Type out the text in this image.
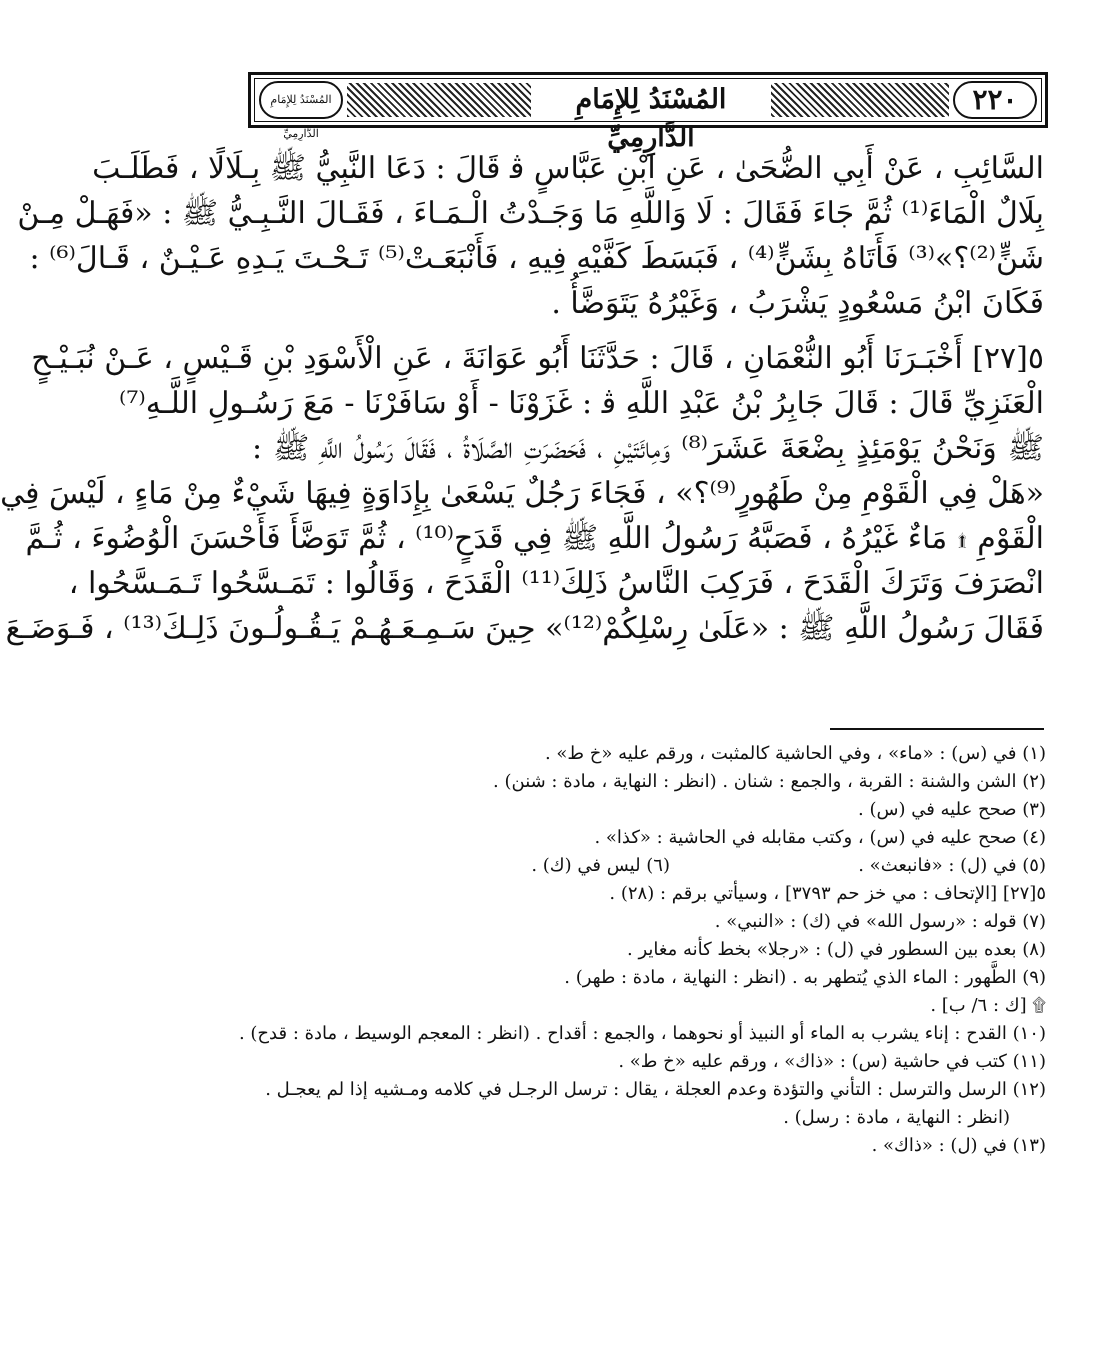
٢٢٠
المُسْنَدُ لِلإِمَامِ الدَّارِمِيِّ
المُسْنَدُ لِلإِمَامِ الدَّارِمِيِّ
السَّائِبِ ، عَنْ أَبِي الضُّحَىٰ ، عَنِ ابْنِ عَبَّاسٍ ﭬ قَالَ : دَعَا النَّبِيُّ ﷺ بِـلَالًا ، فَطَلَـبَ
بِلَالٌ الْمَاءَ⁽¹⁾ ثُمَّ جَاءَ فَقَالَ : لَا وَاللَّهِ مَا وَجَـدْتُ الْـمَـاءَ ، فَقَـالَ النَّـبِـيُّ ﷺ : «فَهَـلْ مِـنْ
شَنٍّ⁽²⁾؟»⁽³⁾ فَأَتَاهُ بِشَنٍّ⁽⁴⁾ ، فَبَسَطَ كَفَّيْهِ فِيهِ ، فَأَنْبَعَـتْ⁽⁵⁾ تَـحْـتَ يَـدِهِ عَـيْـنٌ ، قَـالَ⁽⁶⁾ :
فَكَانَ ابْنُ مَسْعُودٍ يَشْرَبُ ، وَغَيْرُهُ يَتَوَضَّأُ .
٥[٢٧] أَخْبَـرَنَا أَبُو النُّعْمَانِ ، قَالَ : حَدَّثَنَا أَبُو عَوَانَةَ ، عَنِ الْأَسْوَدِ بْنِ قَـيْسٍ ، عَـنْ نُبَـيْـحٍ
الْعَنَزِيِّ قَالَ : قَالَ جَابِرُ بْنُ عَبْدِ اللَّهِ ﭬ : غَزَوْنَا - أَوْ سَافَرْنَا - مَعَ رَسُـولِ اللَّـهِ⁽⁷⁾
ﷺ وَنَحْنُ يَوْمَئِذٍ بِضْعَةَ عَشَرَ⁽⁸⁾ وَمِائَتَيْنِ ، فَحَضَرَتِ الصَّلَاةُ ، فَقَالَ رَسُولُ اللَّهِ ﷺ :
«هَلْ فِي الْقَوْمِ مِنْ طَهُورٍ⁽⁹⁾؟» ، فَجَاءَ رَجُلٌ يَسْعَىٰ بِإِدَاوَةٍ فِيهَا شَيْءٌ مِنْ مَاءٍ ، لَيْسَ فِي
الْقَوْمِ ۩ مَاءٌ غَيْرُهُ ، فَصَبَّهُ رَسُولُ اللَّهِ ﷺ فِي قَدَحٍ⁽¹⁰⁾ ، ثُمَّ تَوَضَّأَ فَأَحْسَنَ الْوُضُوءَ ، ثُـمَّ
انْصَرَفَ وَتَرَكَ الْقَدَحَ ، فَرَكِبَ النَّاسُ ذَلِكَ⁽¹¹⁾ الْقَدَحَ ، وَقَالُوا : تَمَـسَّحُوا تَـمَـسَّحُوا ،
فَقَالَ رَسُولُ اللَّهِ ﷺ : «عَلَىٰ رِسْلِكُمْ⁽¹²⁾» حِينَ سَـمِـعَـهُـمْ يَـقُـولُـونَ ذَلِـكَ⁽¹³⁾ ، فَـوَضَـعَ
(١) في (س) : «ماء» ، وفي الحاشية كالمثبت ، ورقم عليه «خ ط» .
(٢) الشن والشنة : القربة ، والجمع : شنان . (انظر : النهاية ، مادة : شنن) .
(٣) صحح عليه في (س) .
(٤) صحح عليه في (س) ، وكتب مقابله في الحاشية : «كذا» .
(٥) في (ل) : «فانبعث» .
(٦) ليس في (ك) .
٥[٢٧] [الإتحاف : مي خز حم ٣٧٩٣] ، وسيأتي برقم : (٢٨) .
(٧) قوله : «رسول الله» في (ك) : «النبي» .
(٨) بعده بين السطور في (ل) : «رجلا» بخط كأنه مغاير .
(٩) الطَّهور : الماء الذي يُتطهر به . (انظر : النهاية ، مادة : طهر) .
۩ [ك : ٦/ ب] .
(١٠) القدح : إناء يشرب به الماء أو النبيذ أو نحوهما ، والجمع : أقداح . (انظر : المعجم الوسيط ، مادة : قدح) .
(١١) كتب في حاشية (س) : «ذاك» ، ورقم عليه «خ ط» .
(١٢) الرسل والترسل : التأني والتؤدة وعدم العجلة ، يقال : ترسل الرجـل في كلامه ومـشيه إذا لم يعجـل .
(انظر : النهاية ، مادة : رسل) .
(١٣) في (ل) : «ذاك» .
